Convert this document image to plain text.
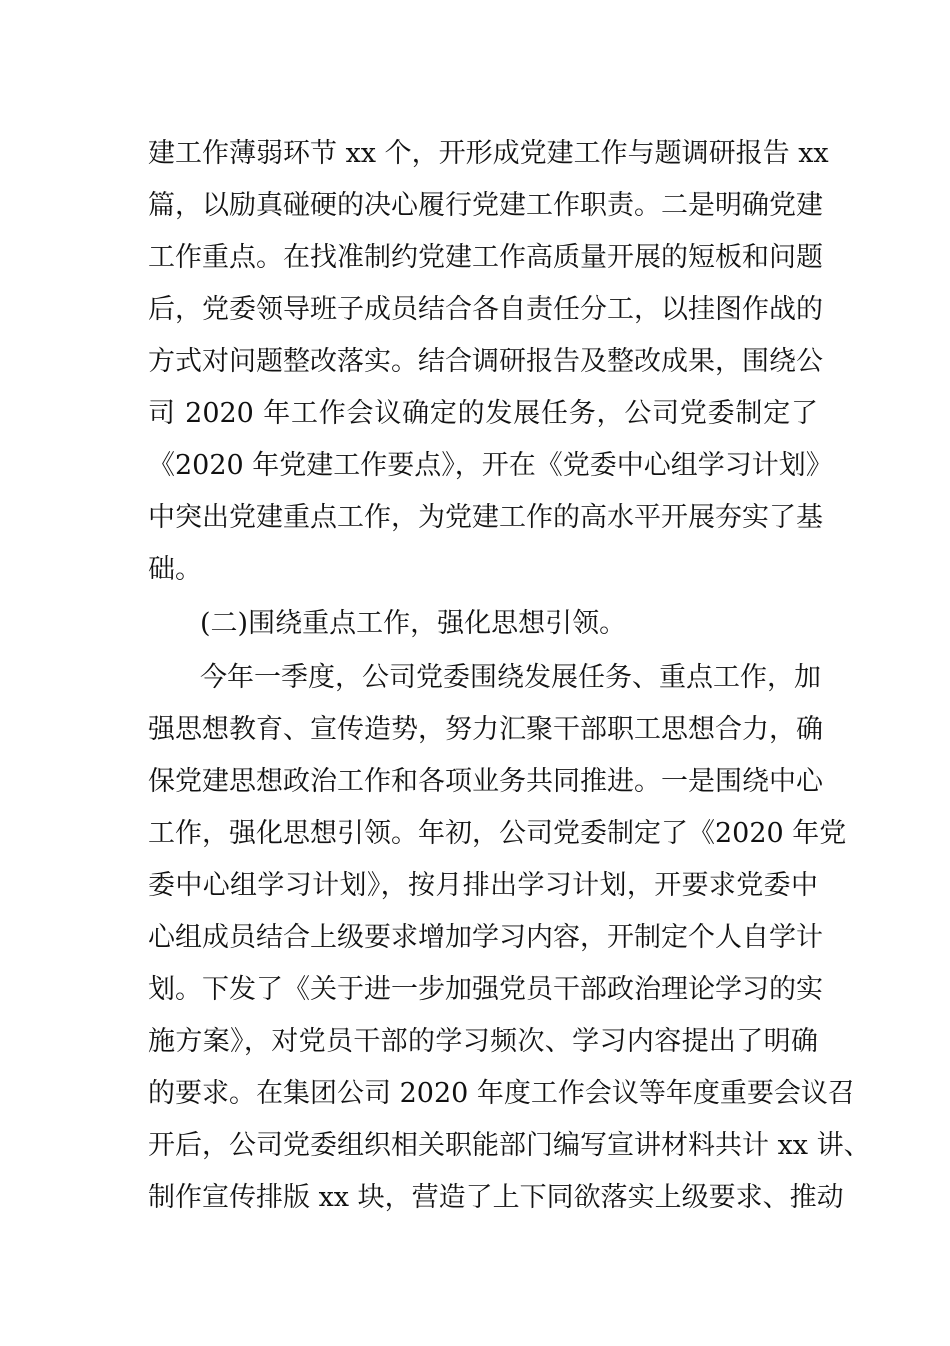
建工作薄弱环节 xx 个，开形成党建工作与题调研报告 xx
篇，以励真碰硬的决心履行党建工作职责。二是明确党建
工作重点。在找准制约党建工作高质量开展的短板和问题
后，党委领导班子成员结合各自责任分工，以挂图作战的
方式对问题整改落实。结合调研报告及整改成果，围绕公
司 2020 年工作会议确定的发展任务，公司党委制定了
《2020 年党建工作要点》，开在《党委中心组学习计划》
中突出党建重点工作，为党建工作的高水平开展夯实了基
础。
(二)围绕重点工作，强化思想引领。
今年一季度，公司党委围绕发展任务、重点工作，加
强思想教育、宣传造势，努力汇聚干部职工思想合力，确
保党建思想政治工作和各项业务共同推进。一是围绕中心
工作，强化思想引领。年初，公司党委制定了《2020 年党
委中心组学习计划》，按月排出学习计划，开要求党委中
心组成员结合上级要求增加学习内容，开制定个人自学计
划。下发了《关于进一步加强党员干部政治理论学习的实
施方案》，对党员干部的学习频次、学习内容提出了明确
的要求。在集团公司 2020 年度工作会议等年度重要会议召
开后，公司党委组织相关职能部门编写宣讲材料共计 xx 讲、
制作宣传排版 xx 块，营造了上下同欲落实上级要求、推动
